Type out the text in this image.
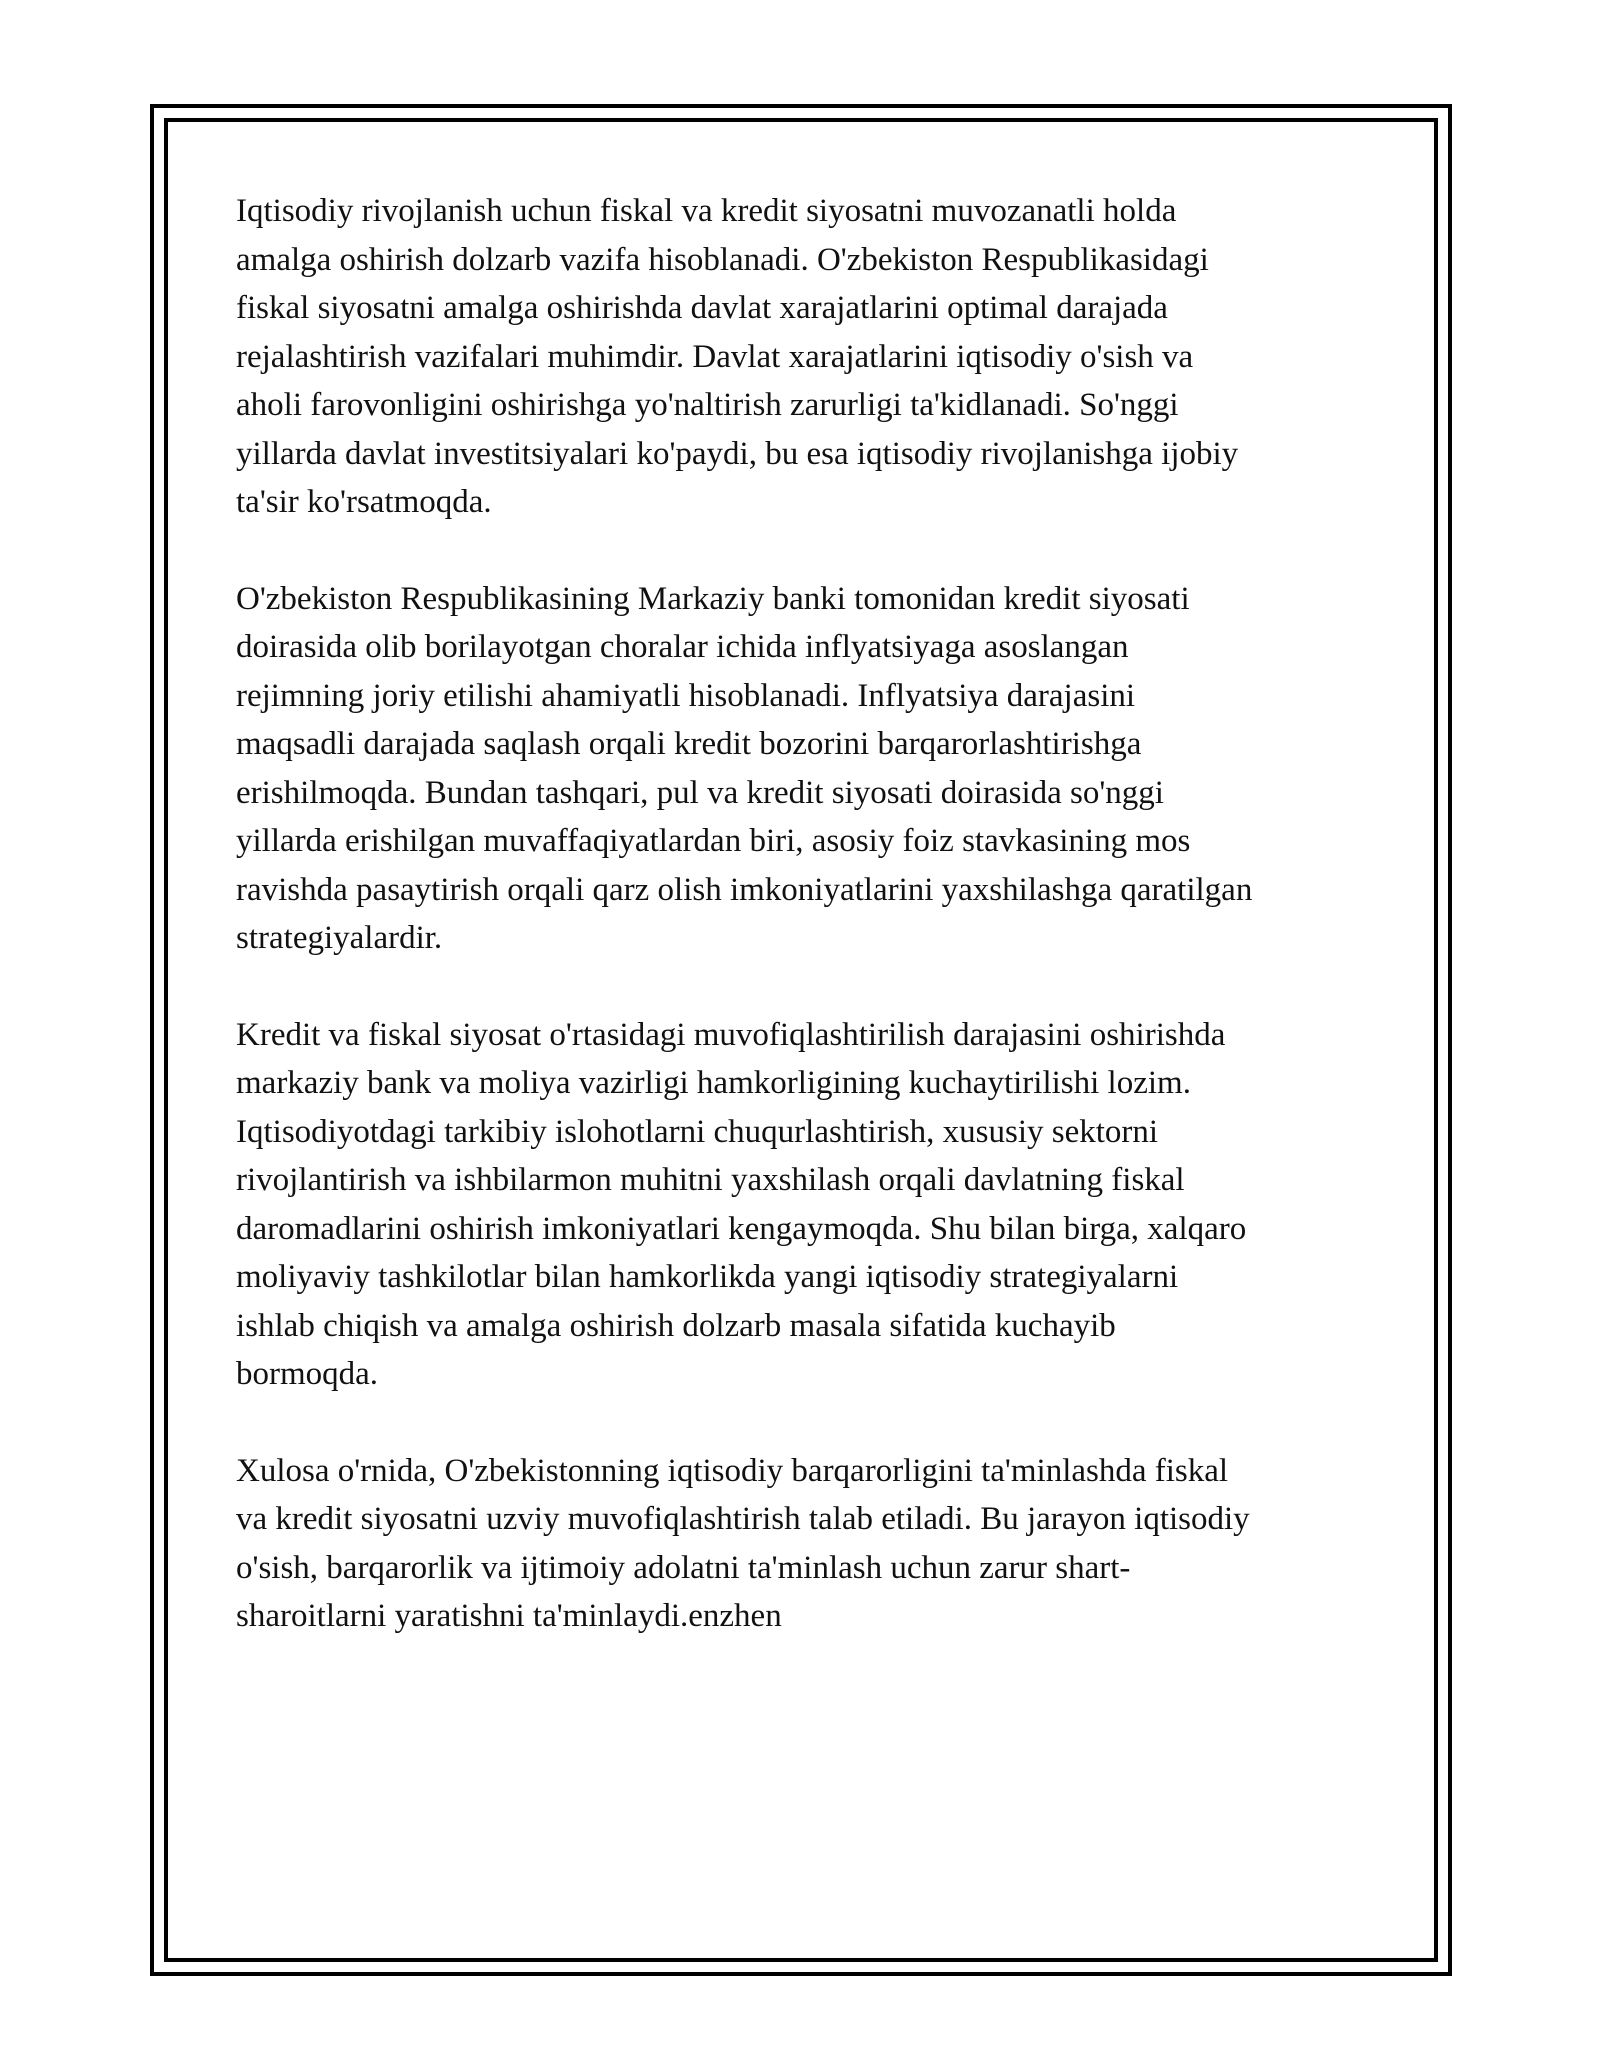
Iqtisodiy rivojlanish uchun fiskal va kredit siyosatni muvozanatli holda
amalga oshirish dolzarb vazifa hisoblanadi. O'zbekiston Respublikasidagi
fiskal siyosatni amalga oshirishda davlat xarajatlarini optimal darajada
rejalashtirish vazifalari muhimdir. Davlat xarajatlarini iqtisodiy o'sish va
aholi farovonligini oshirishga yo'naltirish zarurligi ta'kidlanadi. So'nggi
yillarda davlat investitsiyalari ko'paydi, bu esa iqtisodiy rivojlanishga ijobiy
ta'sir ko'rsatmoqda.

O'zbekiston Respublikasining Markaziy banki tomonidan kredit siyosati
doirasida olib borilayotgan choralar ichida inflyatsiyaga asoslangan
rejimning joriy etilishi ahamiyatli hisoblanadi. Inflyatsiya darajasini
maqsadli darajada saqlash orqali kredit bozorini barqarorlashtirishga
erishilmoqda. Bundan tashqari, pul va kredit siyosati doirasida so'nggi
yillarda erishilgan muvaffaqiyatlardan biri, asosiy foiz stavkasining mos
ravishda pasaytirish orqali qarz olish imkoniyatlarini yaxshilashga qaratilgan
strategiyalardir.

Kredit va fiskal siyosat o'rtasidagi muvofiqlashtirilish darajasini oshirishda
markaziy bank va moliya vazirligi hamkorligining kuchaytirilishi lozim.
Iqtisodiyotdagi tarkibiy islohotlarni chuqurlashtirish, xususiy sektorni
rivojlantirish va ishbilarmon muhitni yaxshilash orqali davlatning fiskal
daromadlarini oshirish imkoniyatlari kengaymoqda. Shu bilan birga, xalqaro
moliyaviy tashkilotlar bilan hamkorlikda yangi iqtisodiy strategiyalarni
ishlab chiqish va amalga oshirish dolzarb masala sifatida kuchayib
bormoqda.

Xulosa o'rnida, O'zbekistonning iqtisodiy barqarorligini ta'minlashda fiskal
va kredit siyosatni uzviy muvofiqlashtirish talab etiladi. Bu jarayon iqtisodiy
o'sish, barqarorlik va ijtimoiy adolatni ta'minlash uchun zarur shart-
sharoitlarni yaratishni ta'minlaydi.enzhen
